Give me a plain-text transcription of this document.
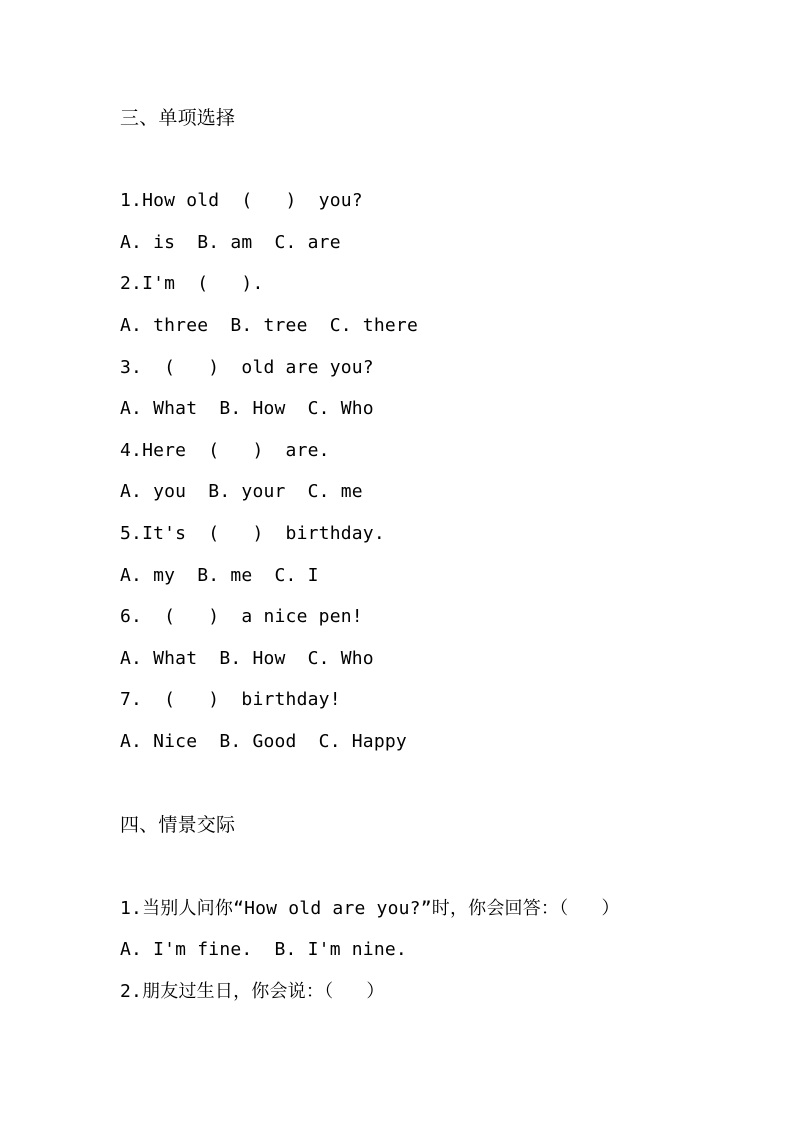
三、单项选择
1.How old  (   )  you?
A. is  B. am  C. are
2.I'm  (   ).
A. three  B. tree  C. there
3.  (   )  old are you?
A. What  B. How  C. Who
4.Here  (   )  are.
A. you  B. your  C. me
5.It's  (   )  birthday.
A. my  B. me  C. I
6.  (   )  a nice pen!
A. What  B. How  C. Who
7.  (   )  birthday!
A. Nice  B. Good  C. Happy
四、情景交际
1.当别人问你“How old are you?”时，你会回答：（   ）
A. I'm fine.  B. I'm nine.
2.朋友过生日，你会说：（   ）
